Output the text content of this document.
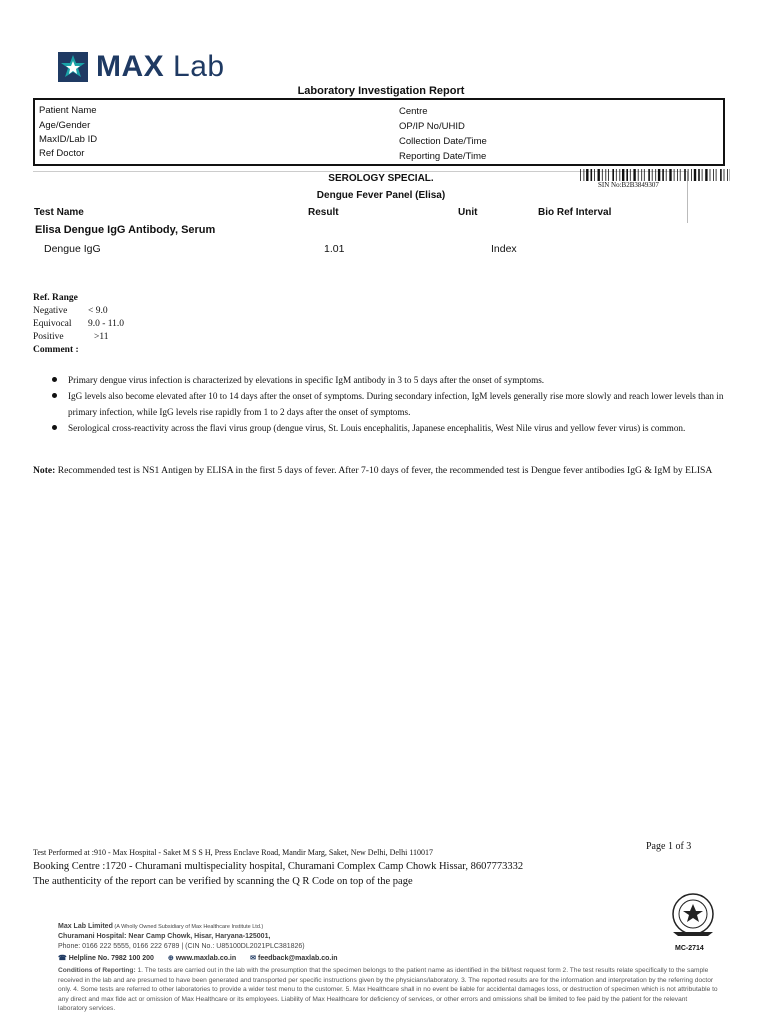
MAX Lab
Laboratory Investigation Report
Patient Name
Age/Gender
MaxID/Lab ID
Ref Doctor
Centre
OP/IP No/UHID
Collection Date/Time
Reporting Date/Time
SEROLOGY SPECIAL.
Dengue Fever Panel (Elisa)
SIN No:B2B3849307
Test Name	Result	Unit	Bio Ref Interval
Elisa Dengue IgG Antibody, Serum
Dengue IgG	1.01	Index
Ref. Range
Negative	< 9.0
Equivocal	9.0 - 11.0
Positive	>11
Comment :
Primary dengue virus infection is characterized by elevations in specific IgM antibody in 3 to 5 days after the onset of symptoms.
IgG levels also become elevated after 10 to 14 days after the onset of symptoms. During secondary infection, IgM levels generally rise more slowly and reach lower levels than in primary infection, while IgG levels rise rapidly from 1 to 2 days after the onset of symptoms.
Serological cross-reactivity across the flavi virus group (dengue virus, St. Louis encephalitis, Japanese encephalitis, West Nile virus and yellow fever virus) is common.
Note: Recommended test is NS1 Antigen by ELISA in the first 5 days of fever. After 7-10 days of fever, the recommended test is Dengue fever antibodies IgG & IgM by ELISA
Test Performed at :910 - Max Hospital - Saket M S S H, Press Enclave Road, Mandir Marg, Saket, New Delhi, Delhi 110017
Page 1 of 3
Booking Centre :1720 - Churamani multispeciality hospital, Churamani Complex Camp Chowk Hissar, 8607773332
The authenticity of the report can be verified by scanning the Q R Code on top of the page
MC-2714
Max Lab Limited (A Wholly Owned Subsidiary of Max Healthcare Institute Ltd.)
Churamani Hospital: Near Camp Chowk, Hisar, Haryana-125001,
Phone: 0166 222 5555, 0166 222 6789 | (CIN No.: U85100DL2021PLC381826)
☎ Helpline No. 7982 100 200 ⊕ www.maxlab.co.in ✉ feedback@maxlab.co.in
Conditions of Reporting: 1. The tests are carried out in the lab with the presumption that the specimen belongs to the patient name as identified in the bill/test request form 2. The test results relate specifically to the sample received in the lab and are presumed to have been generated and transported per specific instructions given by the physicians/laboratory. 3. The reported results are for the information and interpretation by the referring doctor only. 4. Some tests are referred to other laboratories to provide a wider test menu to the customer. 5. Max Healthcare shall in no event be liable for accidental damages loss, or destruction of specimen which is not attributable to any direct and max fide act or omission of Max Healthcare or its employees. Liability of Max Healthcare for deficiency of services, or other errors and omissions shall be limited to fee paid by the patient for the relevant laboratory services.
